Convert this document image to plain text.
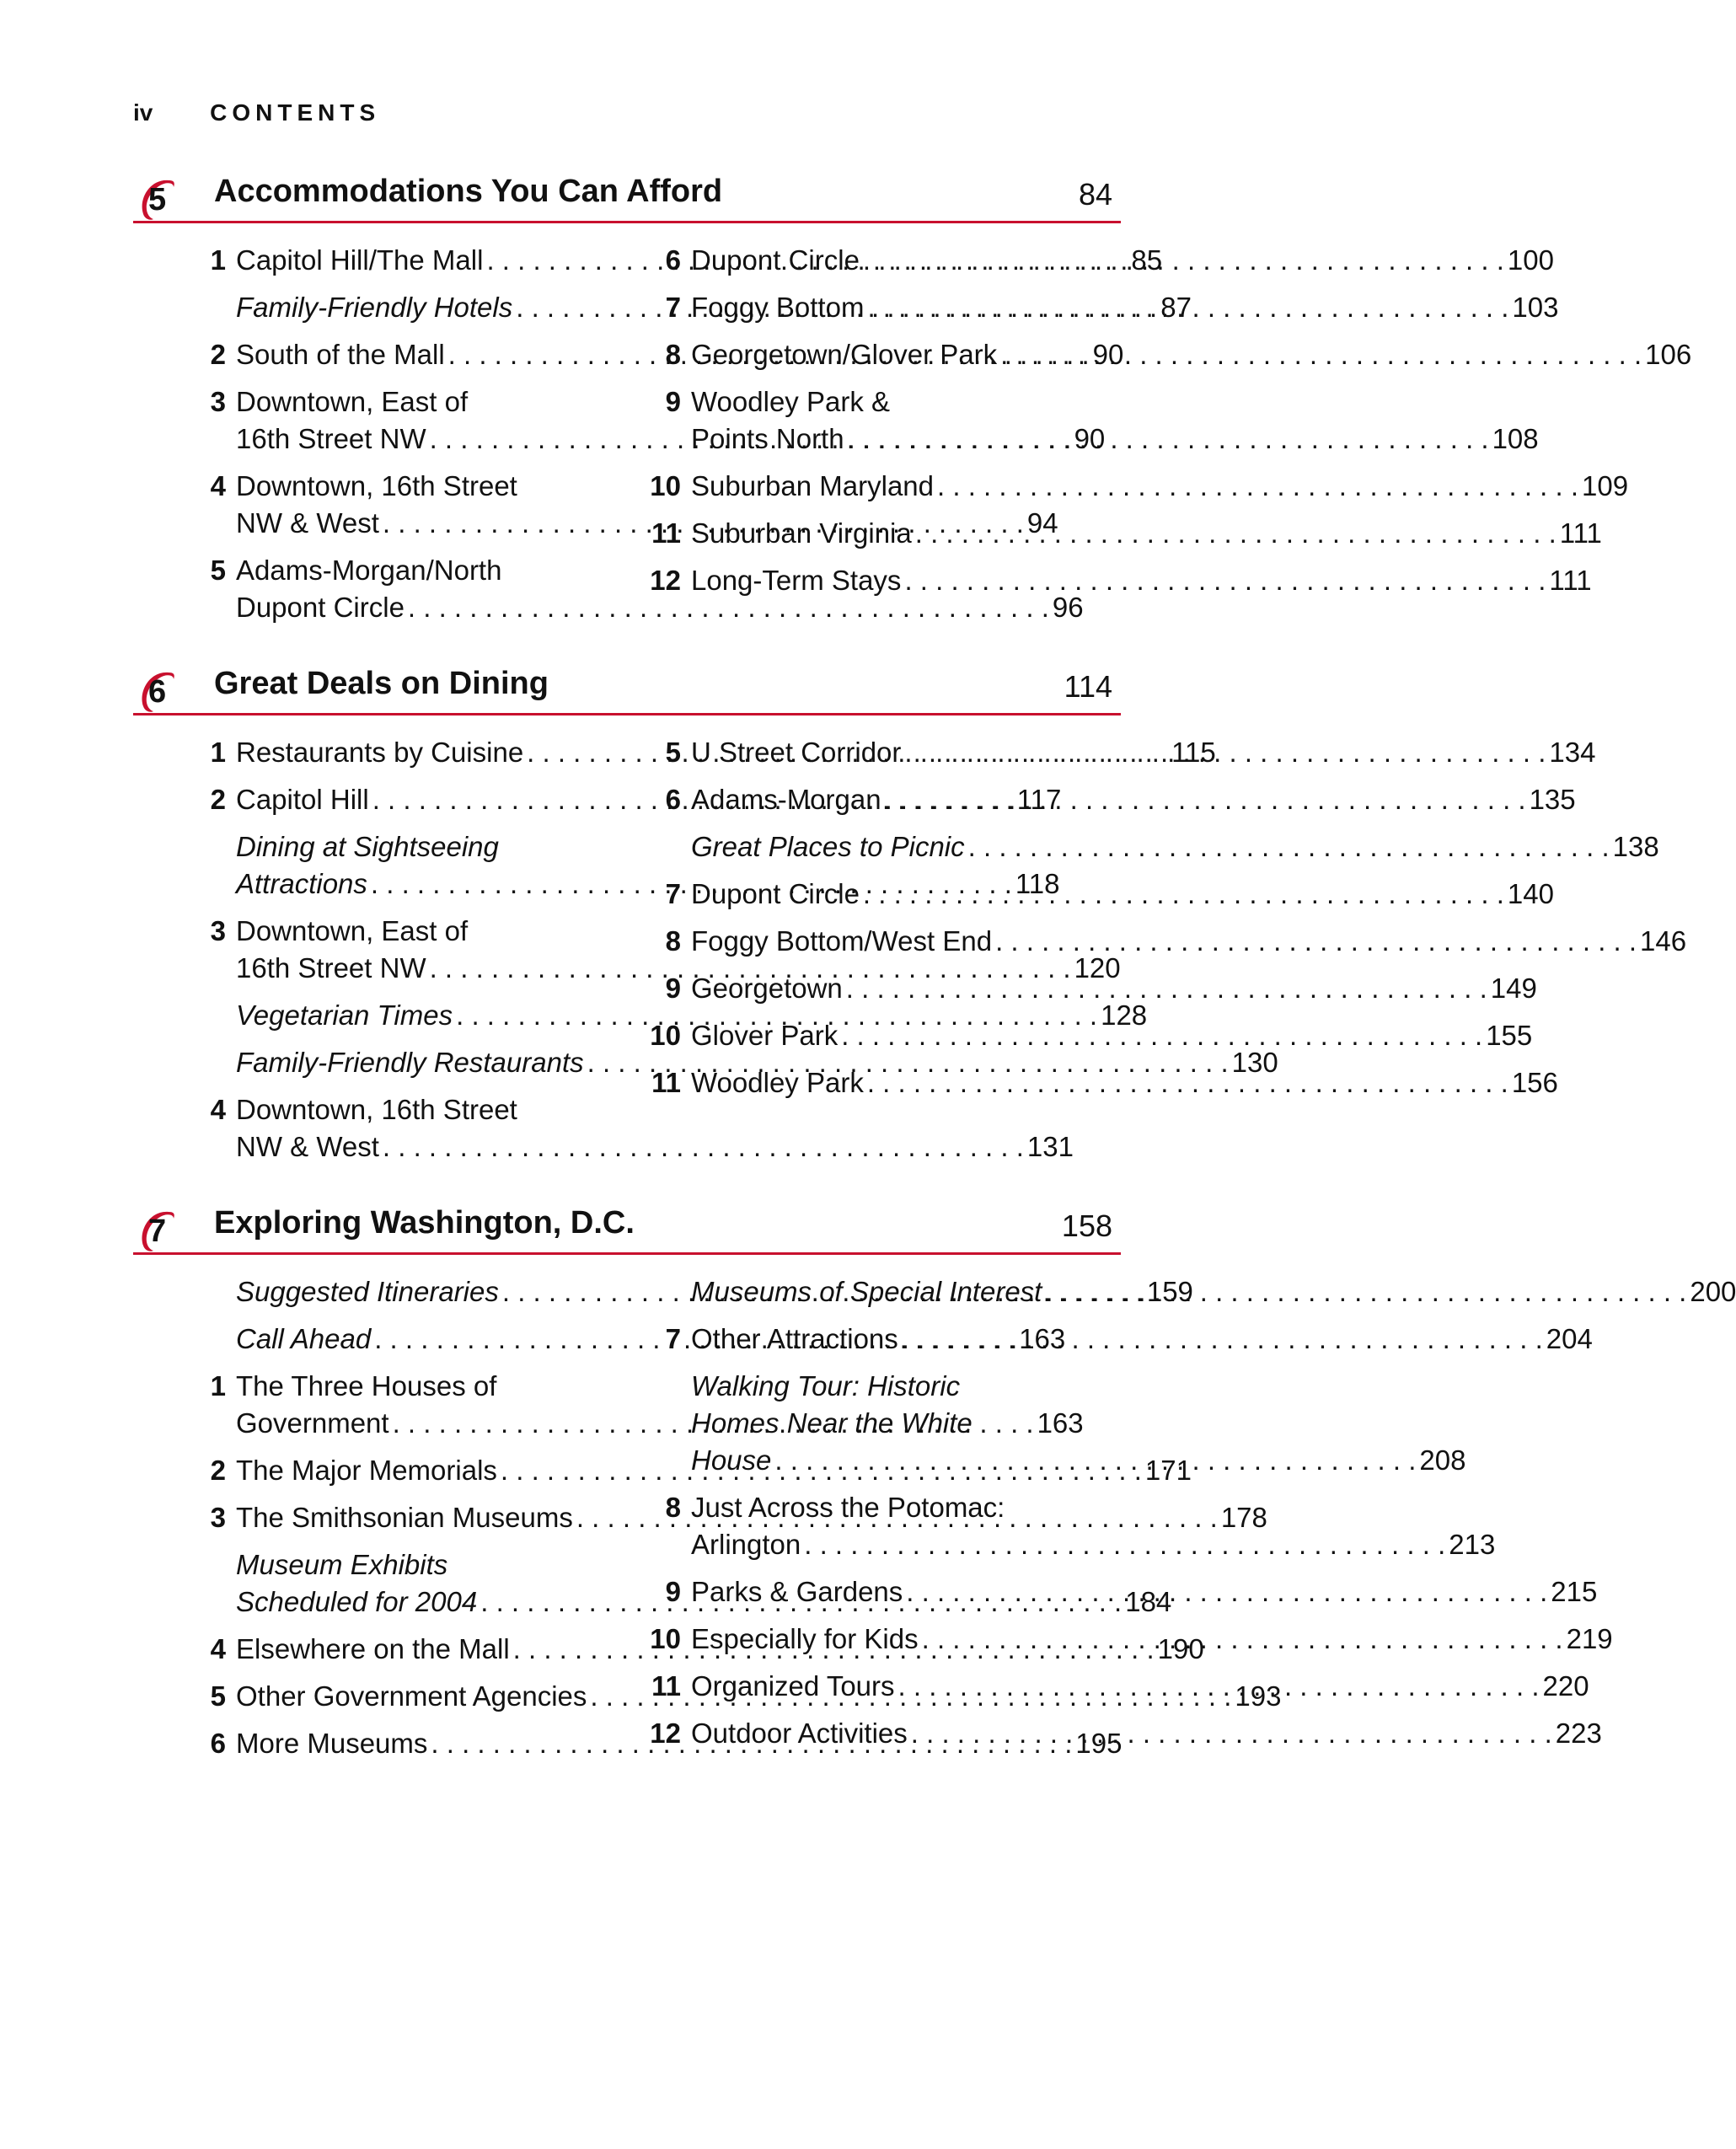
iv CONTENTS
5 Accommodations You Can Afford	84
1 Capitol Hill/The Mall . . .	85
Family-Friendly Hotels . . .	87
2 South of the Mall . . .	90
3 Downtown, East of
16th Street NW . . .	90
4 Downtown, 16th Street
NW & West . . .	94
5 Adams-Morgan/North
Dupont Circle . . .	96
6 Dupont Circle . . .	100
7 Foggy Bottom . . .	103
8 Georgetown/Glover Park . . .	106
9 Woodley Park &
Points North . . .	108
10 Suburban Maryland . . .	109
11 Suburban Virginia . . .	111
12 Long-Term Stays . . .	111
6 Great Deals on Dining	114
1 Restaurants by Cuisine . . .	115
2 Capitol Hill . . .	117
Dining at Sightseeing
Attractions . . .	118
3 Downtown, East of
16th Street NW . . .	120
Vegetarian Times . . .	128
Family-Friendly Restaurants . . .	130
4 Downtown, 16th Street
NW & West . . .	131
5 U Street Corridor . . .	134
6 Adams-Morgan . . .	135
Great Places to Picnic . . .	138
7 Dupont Circle . . .	140
8 Foggy Bottom/West End . . .	146
9 Georgetown . . .	149
10 Glover Park . . .	155
11 Woodley Park . . .	156
7 Exploring Washington, D.C.	158
Suggested Itineraries . . .	159
Call Ahead . . .	163
1 The Three Houses of
Government . . .	163
2 The Major Memorials . . .	171
3 The Smithsonian Museums . . .	178
Museum Exhibits
Scheduled for 2004 . . .	184
4 Elsewhere on the Mall . . .	190
5 Other Government Agencies . . .	193
6 More Museums . . .	195
Museums of Special Interest . . .	200
7 Other Attractions . . .	204
Walking Tour: Historic
Homes Near the White
House . . .	208
8 Just Across the Potomac:
Arlington . . .	213
9 Parks & Gardens . . .	215
10 Especially for Kids . . .	219
11 Organized Tours . . .	220
12 Outdoor Activities . . .	223
